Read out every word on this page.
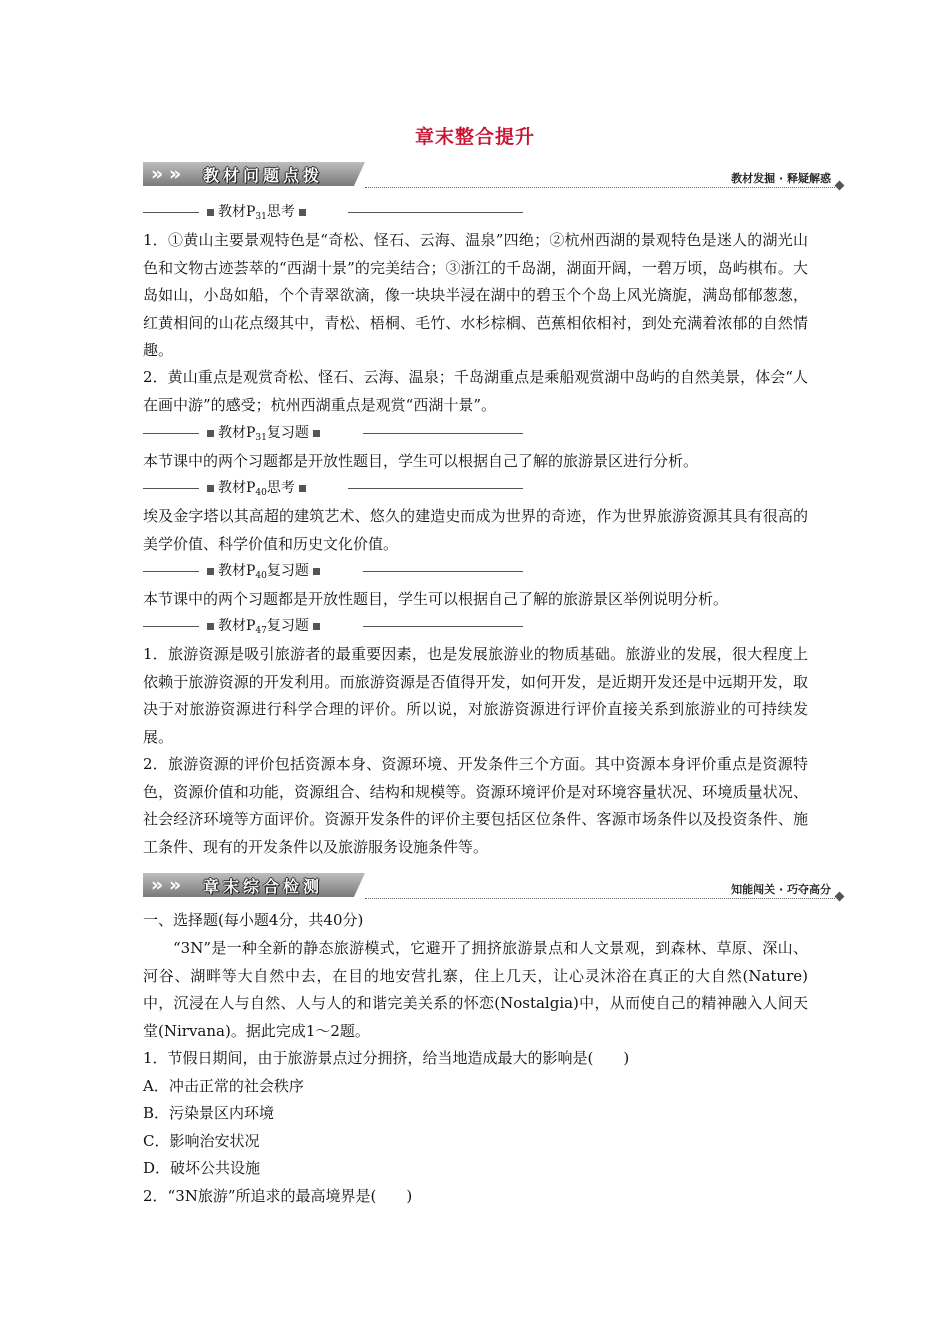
章末整合提升
» » 教材问题点拨	教材发掘 · 释疑解惑
教材$P_{31}$思考
1．①黄山主要景观特色是“奇松、怪石、云海、温泉”四绝；②杭州西湖的景观特色是迷人的湖光山色和文物古迹荟萃的“西湖十景”的完美结合；③浙江的千岛湖，湖面开阔，一碧万顷，岛屿棋布。大岛如山，小岛如船，个个青翠欲滴，像一块块半浸在湖中的碧玉个个岛上风光旖旎，满岛郁郁葱葱，红黄相间的山花点缀其中，青松、梧桐、毛竹、水杉棕榈、芭蕉相依相衬，到处充满着浓郁的自然情趣。
2．黄山重点是观赏奇松、怪石、云海、温泉；千岛湖重点是乘船观赏湖中岛屿的自然美景，体会“人在画中游”的感受；杭州西湖重点是观赏“西湖十景”。
教材$P_{31}$复习题
本节课中的两个习题都是开放性题目，学生可以根据自己了解的旅游景区进行分析。
教材$P_{40}$思考
埃及金字塔以其高超的建筑艺术、悠久的建造史而成为世界的奇迹，作为世界旅游资源其具有很高的美学价值、科学价值和历史文化价值。
教材$P_{40}$复习题
本节课中的两个习题都是开放性题目，学生可以根据自己了解的旅游景区举例说明分析。
教材$P_{47}$复习题
1．旅游资源是吸引旅游者的最重要因素，也是发展旅游业的物质基础。旅游业的发展，很大程度上依赖于旅游资源的开发利用。而旅游资源是否值得开发，如何开发，是近期开发还是中远期开发，取决于对旅游资源进行科学合理的评价。所以说，对旅游资源进行评价直接关系到旅游业的可持续发展。
2．旅游资源的评价包括资源本身、资源环境、开发条件三个方面。其中资源本身评价重点是资源特色，资源价值和功能，资源组合、结构和规模等。资源环境评价是对环境容量状况、环境质量状况、社会经济环境等方面评价。资源开发条件的评价主要包括区位条件、客源市场条件以及投资条件、施工条件、现有的开发条件以及旅游服务设施条件等。
» » 章末综合检测	知能闯关 · 巧夺高分
一、选择题(每小题4分，共40分)
“3N”是一种全新的静态旅游模式，它避开了拥挤旅游景点和人文景观，到森林、草原、深山、河谷、湖畔等大自然中去，在目的地安营扎寨，住上几天，让心灵沐浴在真正的大自然(Nature)中，沉浸在人与自然、人与人的和谐完美关系的怀恋(Nostalgia)中，从而使自己的精神融入人间天堂(Nirvana)。据此完成1～2题。
1．节假日期间，由于旅游景点过分拥挤，给当地造成最大的影响是(　　)
A．冲击正常的社会秩序
B．污染景区内环境
C．影响治安状况
D．破坏公共设施
2．“3N旅游”所追求的最高境界是(　　)
